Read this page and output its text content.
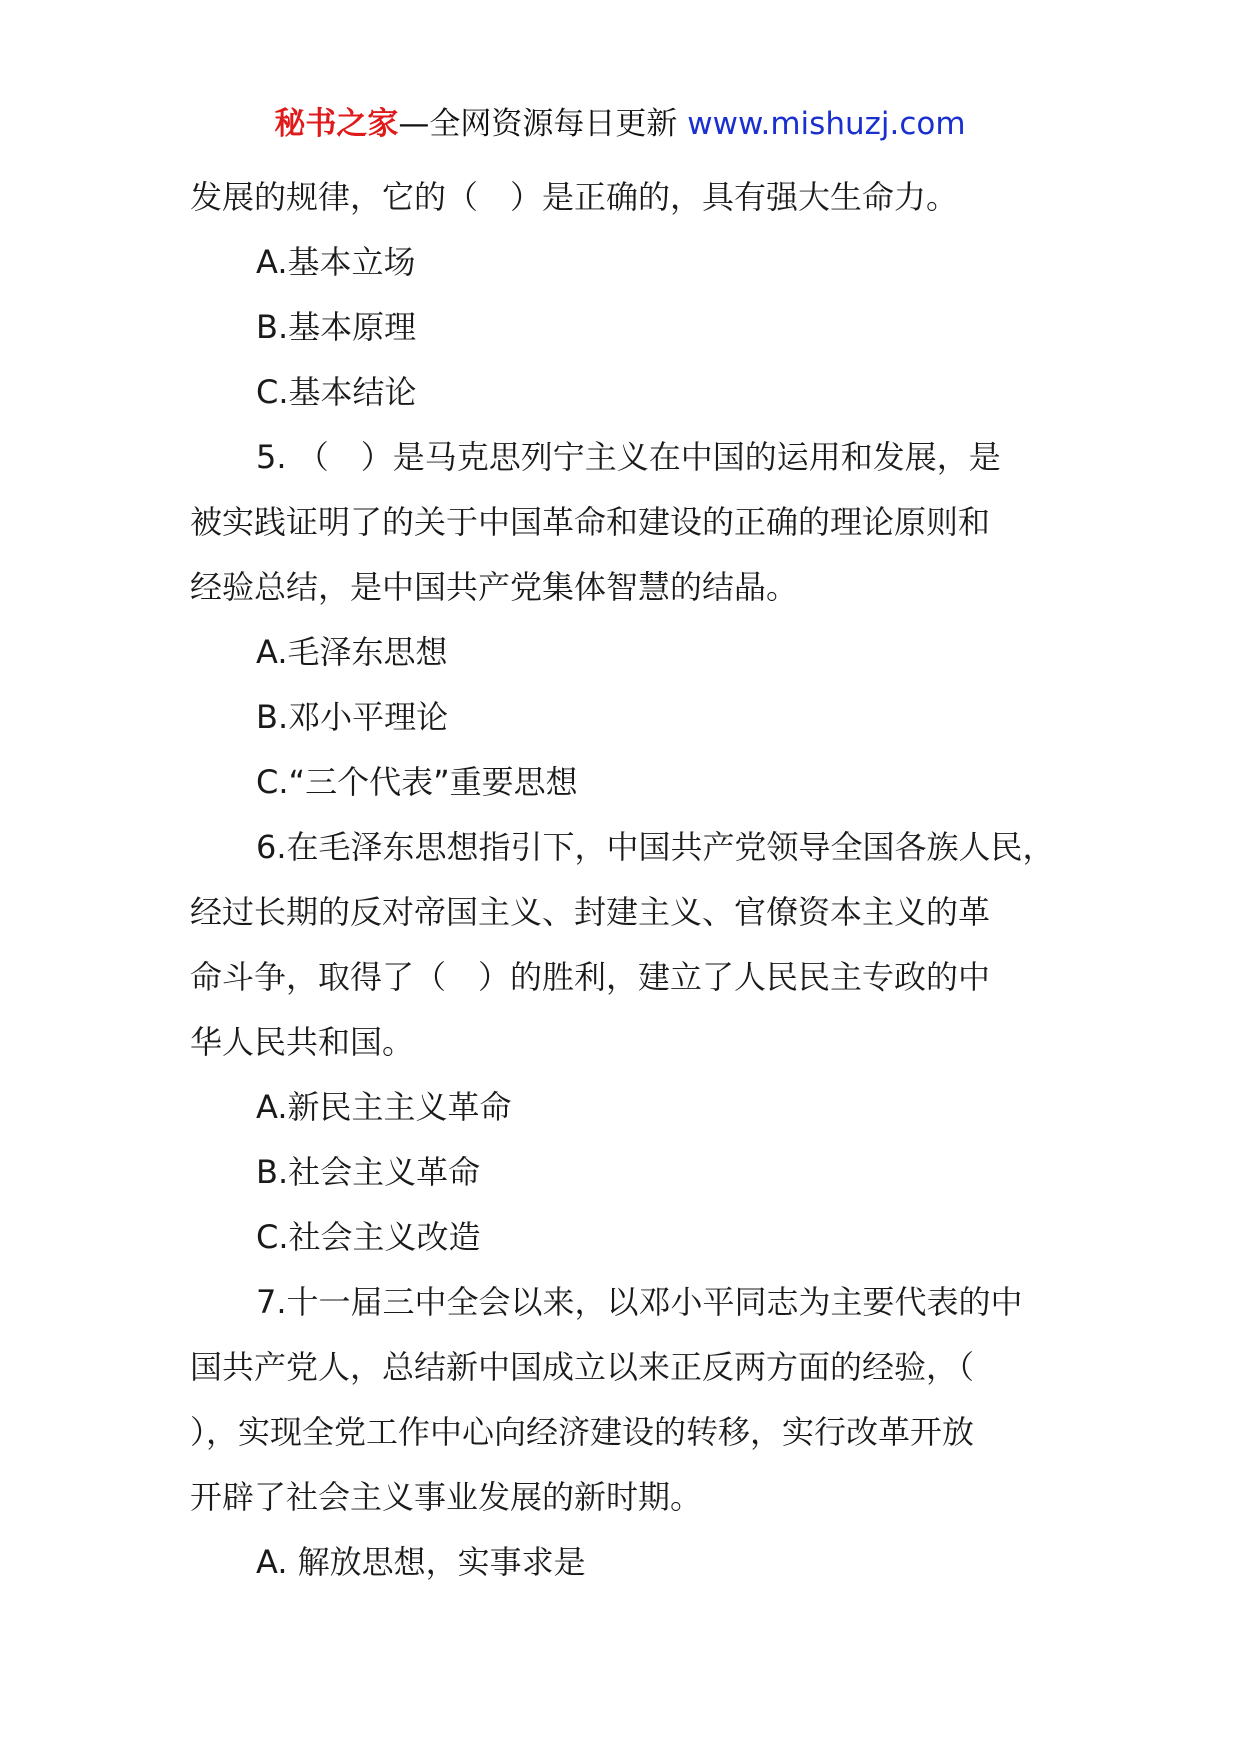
秘书之家—全网资源每日更新 www.mishuzj.com
发展的规律，它的（　）是正确的，具有强大生命力。
A.基本立场
B.基本原理
C.基本结论
5. （　）是马克思列宁主义在中国的运用和发展，是
被实践证明了的关于中国革命和建设的正确的理论原则和
经验总结，是中国共产党集体智慧的结晶。
A.毛泽东思想
B.邓小平理论
C.“三个代表”重要思想
6.在毛泽东思想指引下，中国共产党领导全国各族人民，
经过长期的反对帝国主义、封建主义、官僚资本主义的革
命斗争，取得了（　）的胜利，建立了人民民主专政的中
华人民共和国。
A.新民主主义革命
B.社会主义革命
C.社会主义改造
7.十一届三中全会以来，以邓小平同志为主要代表的中
国共产党人，总结新中国成立以来正反两方面的经验，（
），实现全党工作中心向经济建设的转移，实行改革开放
开辟了社会主义事业发展的新时期。
A. 解放思想，实事求是
